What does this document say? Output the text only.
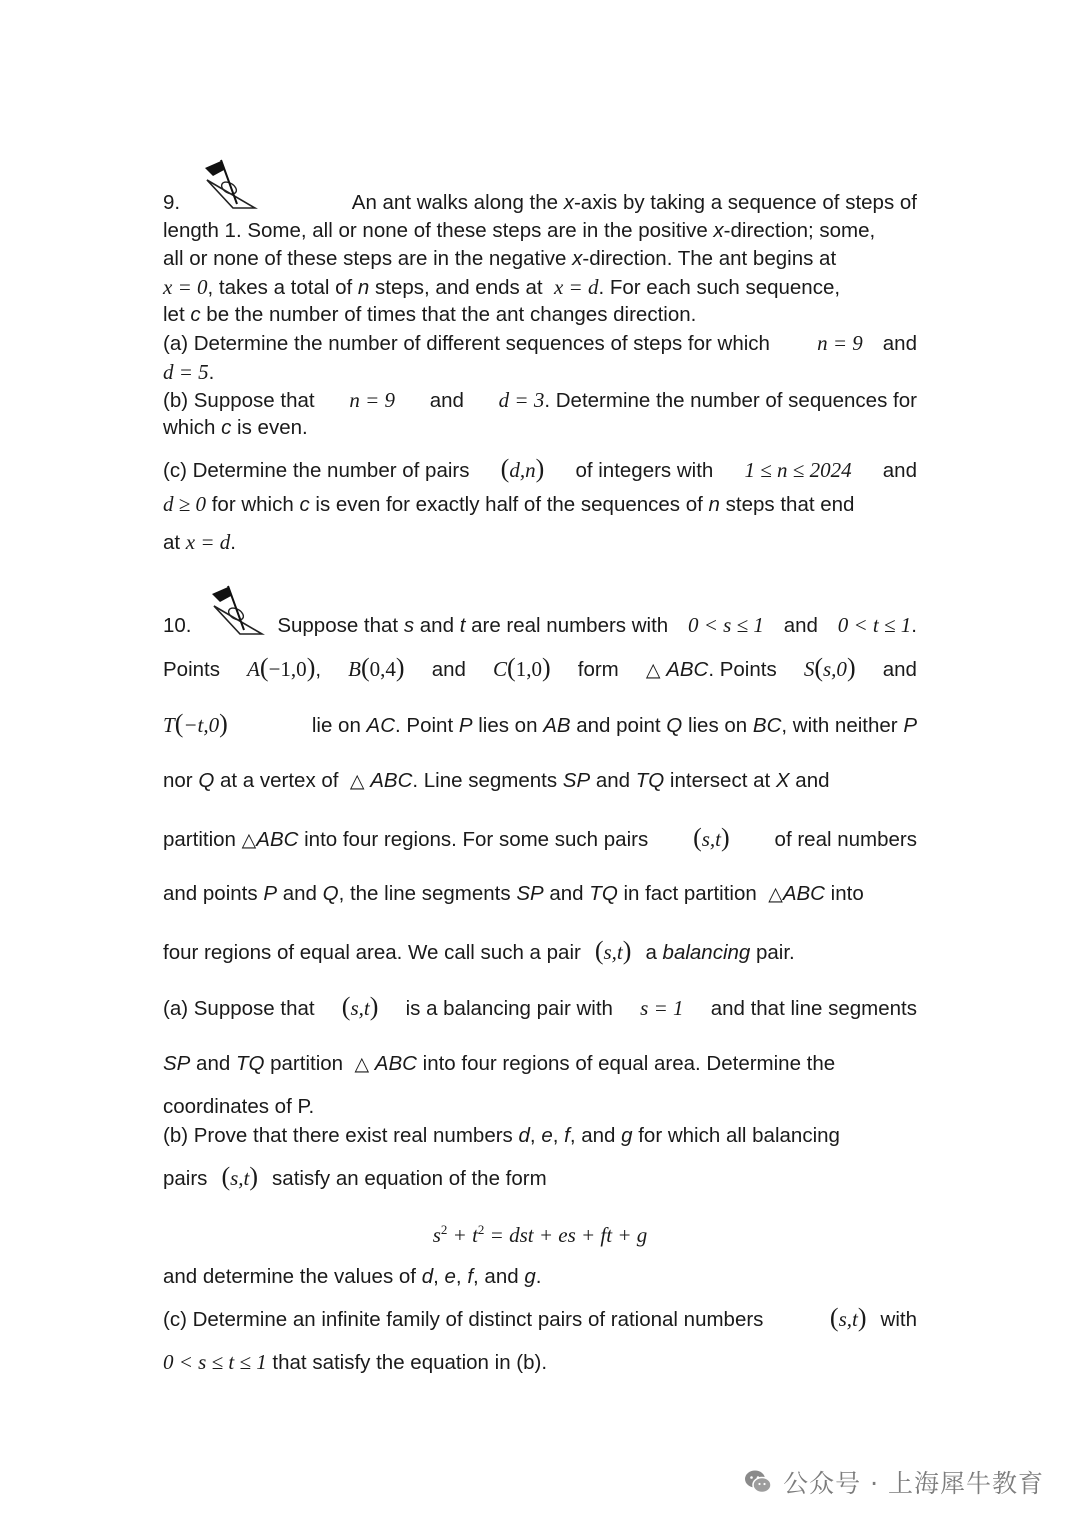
9.	An ant walks along the x-axis by taking a sequence of steps of
length 1. Some, all or none of these steps are in the positive x-direction; some,
all or none of these steps are in the negative x-direction. The ant begins at
x = 0, takes a total of n steps, and ends at  x = d. For each such sequence,
let c be the number of times that the ant changes direction.
(a) Determine the number of different sequences of steps for which n = 9 and
d = 5.
(b) Suppose that n = 9 and d = 3. Determine the number of sequences for
which c is even.
(c) Determine the number of pairs (d,n) of integers with 1 ≤ n ≤ 2024 and
d ≥ 0 for which c is even for exactly half of the sequences of n steps that end
at x = d.
10.	Suppose that s and t are real numbers with 0 < s ≤ 1 and 0 < t ≤ 1.
Points A(−1,0), B(0,4) and C(1,0) form △ ABC. Points S(s,0) and
T(−t,0)	lie on AC. Point P lies on AB and point Q lies on BC, with neither P
nor Q at a vertex of  △ ABC. Line segments SP and TQ intersect at X and
partition △ABC into four regions. For some such pairs (s,t) of real numbers
and points P and Q, the line segments SP and TQ in fact partition  △ABC into
four regions of equal area. We call such a pair (s,t) a balancing pair.
(a) Suppose that (s,t) is a balancing pair with s = 1 and that line segments
SP and TQ partition  △ ABC into four regions of equal area. Determine the
coordinates of P.
(b) Prove that there exist real numbers d, e, f, and g for which all balancing
pairs (s,t) satisfy an equation of the form
and determine the values of d, e, f, and g.
(c) Determine an infinite family of distinct pairs of rational numbers	(s,t) with
0 < s ≤ t ≤ 1 that satisfy the equation in (b).
$s^2 + t^2$ = dst + es + ft + g
公众号 · 上海犀牛教育
